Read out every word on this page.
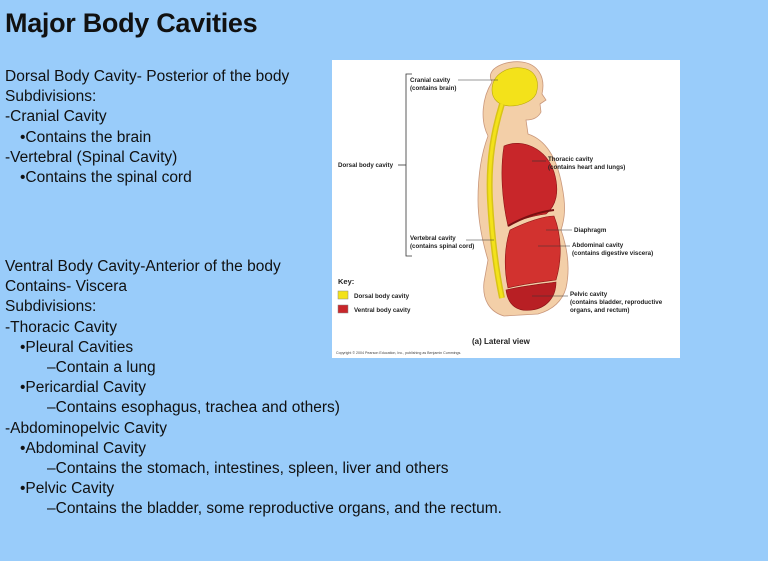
Major Body Cavities
Dorsal Body Cavity- Posterior of the body
Subdivisions:
-Cranial Cavity
•Contains the brain
-Vertebral (Spinal Cavity)
•Contains the spinal cord
Ventral Body Cavity-Anterior of the body
Contains- Viscera
Subdivisions:
-Thoracic Cavity
•Pleural Cavities
–Contain a lung
•Pericardial Cavity
–Contains esophagus, trachea and others)
-Abdominopelvic Cavity
•Abdominal Cavity
–Contains the stomach, intestines, spleen, liver and others
•Pelvic Cavity
–Contains the bladder, some reproductive organs, and the rectum.
Cranial cavity
(contains brain)
Dorsal body cavity
Thoracic cavity
(contains heart and lungs)
Diaphragm
Vertebral cavity
(contains spinal cord)	Abdominal cavity
(contains digestive viscera)
Pelvic cavity
(contains bladder, reproductive
organs, and rectum)
Key:
Dorsal body cavity
Ventral body cavity
(a) Lateral view
Copyright © 2004 Pearson Education, Inc., publishing as Benjamin Cummings.
